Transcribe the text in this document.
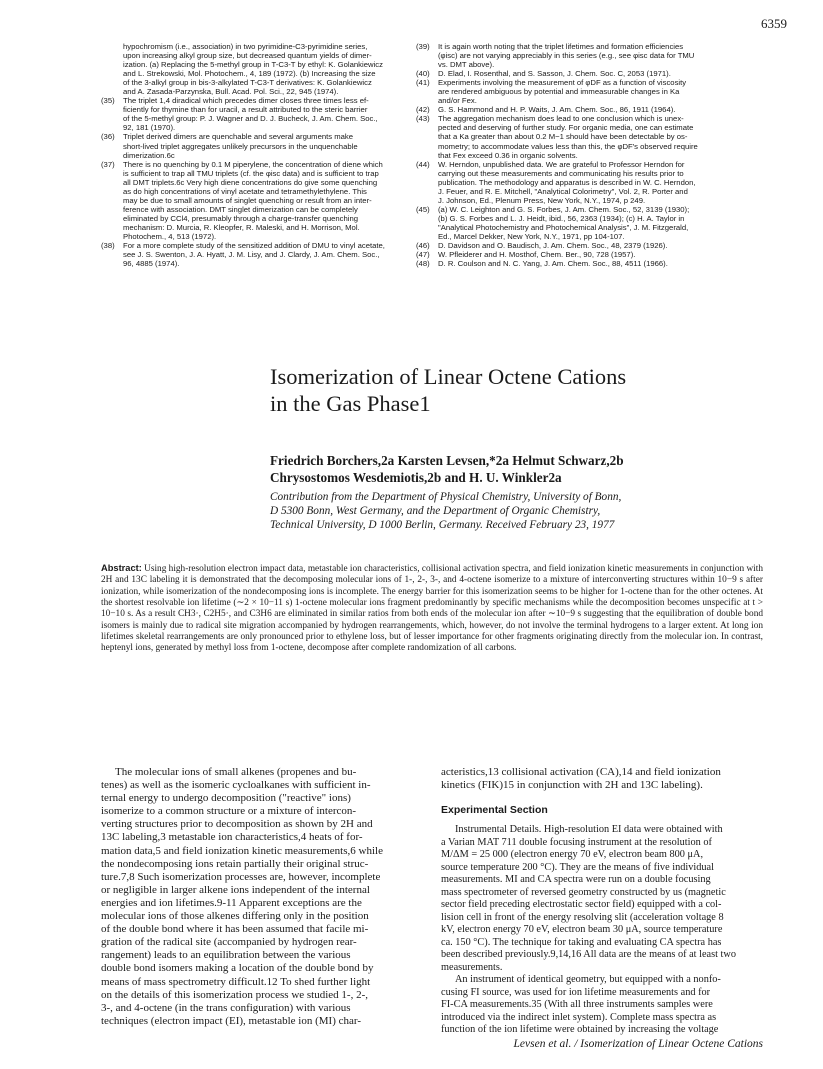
6359
hypochromism (i.e., association) in two pyrimidine-C3-pyrimidine series,
upon increasing alkyl group size, but decreased quantum yields of dimer-
ization. (a) Replacing the 5-methyl group in T-C3-T by ethyl: K. Golankiewicz
and L. Strekowski, Mol. Photochem., 4, 189 (1972). (b) Increasing the size
of the 3-alkyl group in bis-3-alkylated T-C3-T derivatives: K. Golankiewicz
and A. Zasada-Parzynska, Bull. Acad. Pol. Sci., 22, 945 (1974).
(35)	The triplet 1,4 diradical which precedes dimer closes three times less ef-
ficiently for thymine than for uracil, a result attributed to the steric barrier
of the 5-methyl group: P. J. Wagner and D. J. Bucheck, J. Am. Chem. Soc.,
92, 181 (1970).
(36)	Triplet derived dimers are quenchable and several arguments make
short-lived triplet aggregates unlikely precursors in the unquenchable
dimerization.6c
(37)	There is no quenching by 0.1 M piperylene, the concentration of diene which
is sufficient to trap all TMU triplets (cf. the φisc data) and is sufficient to trap
all DMT triplets.6c Very high diene concentrations do give some quenching
as do high concentrations of vinyl acetate and tetramethylethylene. This
may be due to small amounts of singlet quenching or result from an inter-
ference with association. DMT singlet dimerization can be completely
eliminated by CCl4, presumably through a charge-transfer quenching
mechanism: D. Murcia, R. Kleopfer, R. Maleski, and H. Morrison, Mol.
Photochem., 4, 513 (1972).
(38)	For a more complete study of the sensitized addition of DMU to vinyl acetate,
see J. S. Swenton, J. A. Hyatt, J. M. Lisy, and J. Clardy, J. Am. Chem. Soc.,
96, 4885 (1974).
(39)	It is again worth noting that the triplet lifetimes and formation efficiencies
(φisc) are not varying appreciably in this series (e.g., see φisc data for TMU
vs. DMT above).
(40)	D. Elad, I. Rosenthal, and S. Sasson, J. Chem. Soc. C, 2053 (1971).
(41)	Experiments involving the measurement of φDF as a function of viscosity
are rendered ambiguous by potential and immeasurable changes in Ka
and/or Fex.
(42)	G. S. Hammond and H. P. Waits, J. Am. Chem. Soc., 86, 1911 (1964).
(43)	The aggregation mechanism does lead to one conclusion which is unex-
pected and deserving of further study. For organic media, one can estimate
that a Ka greater than about 0.2 M−1 should have been detectable by os-
mometry; to accommodate values less than this, the φDF's observed require
that Fex exceed 0.36 in organic solvents.
(44)	W. Herndon, unpublished data. We are grateful to Professor Herndon for
carrying out these measurements and communicating his results prior to
publication. The methodology and apparatus is described in W. C. Herndon,
J. Feuer, and R. E. Mitchell, "Analytical Colorimetry", Vol. 2, R. Porter and
J. Johnson, Ed., Plenum Press, New York, N.Y., 1974, p 249.
(45)	(a) W. C. Leighton and G. S. Forbes, J. Am. Chem. Soc., 52, 3139 (1930);
(b) G. S. Forbes and L. J. Heidt, ibid., 56, 2363 (1934); (c) H. A. Taylor in
"Analytical Photochemistry and Photochemical Analysis", J. M. Fitzgerald,
Ed., Marcel Dekker, New York, N.Y., 1971, pp 104-107.
(46)	D. Davidson and O. Baudisch, J. Am. Chem. Soc., 48, 2379 (1926).
(47)	W. Pfleiderer and H. Mosthof, Chem. Ber., 90, 728 (1957).
(48)	D. R. Coulson and N. C. Yang, J. Am. Chem. Soc., 88, 4511 (1966).
Isomerization of Linear Octene Cations
in the Gas Phase1
Friedrich Borchers,2a Karsten Levsen,*2a Helmut Schwarz,2b
Chrysostomos Wesdemiotis,2b and H. U. Winkler2a
Contribution from the Department of Physical Chemistry, University of Bonn,
D 5300 Bonn, West Germany, and the Department of Organic Chemistry,
Technical University, D 1000 Berlin, Germany. Received February 23, 1977
Abstract: Using high-resolution electron impact data, metastable ion characteristics, collisional activation spectra, and field ionization kinetic measurements in conjunction with 2H and 13C labeling it is demonstrated that the decomposing molecular ions of 1-, 2-, 3-, and 4-octene isomerize to a mixture of interconverting structures within 10−9 s after ionization, while isomerization of the nondecomposing ions is incomplete. The energy barrier for this isomerization seems to be higher for 1-octene than for the other octenes. At the shortest resolvable ion lifetime (∼2 × 10−11 s) 1-octene molecular ions fragment predominantly by specific mechanisms while the decomposition becomes unspecific at t > 10−10 s. As a result CH3·, C2H5·, and C3H6 are eliminated in similar ratios from both ends of the molecular ion after ∼10−9 s suggesting that the equilibration of double bond isomers is mainly due to radical site migration accompanied by hydrogen rearrangements, which, however, do not involve the terminal hydrogens to a larger extent. At long ion lifetimes skeletal rearrangements are only pronounced prior to ethylene loss, but of lesser importance for other fragments originating directly from the molecular ion. In contrast, heptenyl ions, generated by methyl loss from 1-octene, decompose after complete randomization of all carbons.
The molecular ions of small alkenes (propenes and bu-
tenes) as well as the isomeric cycloalkanes with sufficient in-
ternal energy to undergo decomposition ("reactive" ions)
isomerize to a common structure or a mixture of intercon-
verting structures prior to decomposition as shown by 2H and
13C labeling,3 metastable ion characteristics,4 heats of for-
mation data,5 and field ionization kinetic measurements,6 while
the nondecomposing ions retain partially their original struc-
ture.7,8 Such isomerization processes are, however, incomplete
or negligible in larger alkene ions independent of the internal
energies and ion lifetimes.9-11 Apparent exceptions are the
molecular ions of those alkenes differing only in the position
of the double bond where it has been assumed that facile mi-
gration of the radical site (accompanied by hydrogen rear-
rangement) leads to an equilibration between the various
double bond isomers making a location of the double bond by
means of mass spectrometry difficult.12 To shed further light
on the details of this isomerization process we studied 1-, 2-,
3-, and 4-octene (in the trans configuration) with various
techniques (electron impact (EI), metastable ion (MI) char-
acteristics,13 collisional activation (CA),14 and field ionization
kinetics (FIK)15 in conjunction with 2H and 13C labeling).
Experimental Section
Instrumental Details. High-resolution EI data were obtained with
a Varian MAT 711 double focusing instrument at the resolution of
M/ΔM = 25 000 (electron energy 70 eV, electron beam 800 μA,
source temperature 200 °C). They are the means of five individual
measurements. MI and CA spectra were run on a double focusing
mass spectrometer of reversed geometry constructed by us (magnetic
sector field preceding electrostatic sector field) equipped with a col-
lision cell in front of the energy resolving slit (acceleration voltage 8
kV, electron energy 70 eV, electron beam 30 μA, source temperature
ca. 150 °C). The technique for taking and evaluating CA spectra has
been described previously.9,14,16 All data are the means of at least two
measurements.
An instrument of identical geometry, but equipped with a nonfo-
cusing FI source, was used for ion lifetime measurements and for
FI-CA measurements.35 (With all three instruments samples were
introduced via the indirect inlet system). Complete mass spectra as
function of the ion lifetime were obtained by increasing the voltage
Levsen et al. / Isomerization of Linear Octene Cations
